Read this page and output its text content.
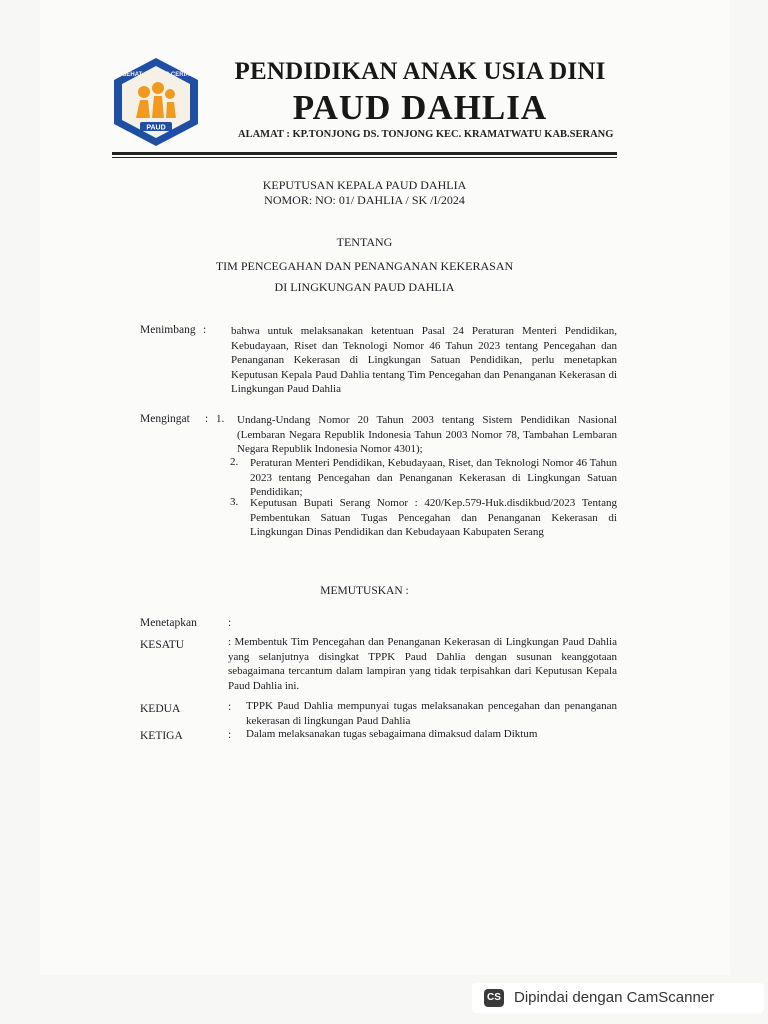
PAUD
SEHAT CERDAS CERIA	PENDIDIKAN ANAK USIA DINI
PAUD DAHLIA
ALAMAT : KP.TONJONG DS. TONJONG KEC. KRAMATWATU KAB.SERANG
KEPUTUSAN KEPALA PAUD DAHLIA
NOMOR: NO: 01/ DAHLIA / SK /I/2024
TENTANG
TIM PENCEGAHAN DAN PENANGANAN KEKERASAN
DI LINGKUNGAN PAUD DAHLIA
Menimbang : bahwa untuk melaksanakan ketentuan Pasal 24 Peraturan Menteri Pendidikan, Kebudayaan, Riset dan Teknologi Nomor 46 Tahun 2023 tentang Pencegahan dan Penanganan Kekerasan di Lingkungan Satuan Pendidikan, perlu menetapkan Keputusan Kepala Paud Dahlia tentang Tim Pencegahan dan Penanganan Kekerasan di Lingkungan Paud Dahlia
Mengingat : 1. Undang-Undang Nomor 20 Tahun 2003 tentang Sistem Pendidikan Nasional (Lembaran Negara Republik Indonesia Tahun 2003 Nomor 78, Tambahan Lembaran Negara Republik Indonesia Nomor 4301);
2. Peraturan Menteri Pendidikan, Kebudayaan, Riset, dan Teknologi Nomor 46 Tahun 2023 tentang Pencegahan dan Penanganan Kekerasan di Lingkungan Satuan Pendidikan;
3. Keputusan Bupati Serang Nomor : 420/Kep.579-Huk.disdikbud/2023 Tentang Pembentukan Satuan Tugas Pencegahan dan Penanganan Kekerasan di Lingkungan Dinas Pendidikan dan Kebudayaan Kabupaten Serang
MEMUTUSKAN :
Menetapkan	:
KESATU	: Membentuk Tim Pencegahan dan Penanganan Kekerasan di Lingkungan Paud Dahlia yang selanjutnya disingkat TPPK Paud Dahlia dengan susunan keanggotaan sebagaimana tercantum dalam lampiran yang tidak terpisahkan dari Keputusan Kepala Paud Dahlia ini.
KEDUA	: TPPK Paud Dahlia mempunyai tugas melaksanakan pencegahan dan penanganan kekerasan di lingkungan Paud Dahlia
KETIGA	: Dalam melaksanakan tugas sebagaimana dimaksud dalam Diktum
CS Dipindai dengan CamScanner
